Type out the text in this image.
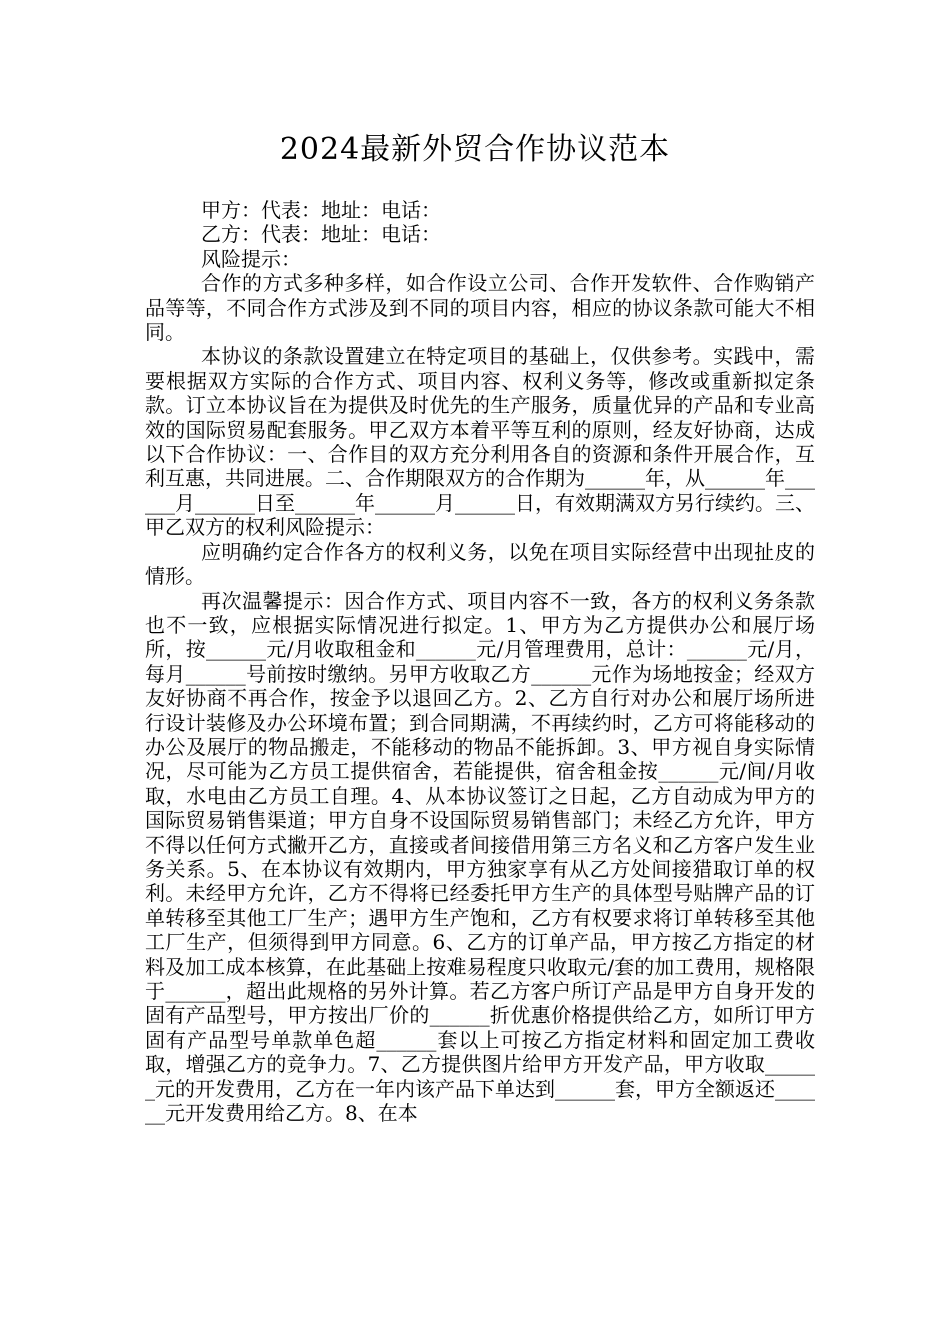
2024最新外贸合作协议范本

甲方：代表：地址：电话：

乙方：代表：地址：电话：

风险提示：

合作的方式多种多样，如合作设立公司、合作开发软件、合作购销产品等等，不同合作方式涉及到不同的项目内容，相应的协议条款可能大不相同。

本协议的条款设置建立在特定项目的基础上，仅供参考。实践中，需要根据双方实际的合作方式、项目内容、权利义务等，修改或重新拟定条款。订立本协议旨在为提供及时优先的生产服务，质量优异的产品和专业高效的国际贸易配套服务。甲乙双方本着平等互利的原则，经友好协商，达成以下合作协议：一、合作目的双方充分利用各自的资源和条件开展合作，互利互惠，共同进展。二、合作期限双方的合作期为______年，从______年______月______日至______年______月______日，有效期满双方另行续约。三、甲乙双方的权利风险提示：

应明确约定合作各方的权利义务，以免在项目实际经营中出现扯皮的情形。

再次温馨提示：因合作方式、项目内容不一致，各方的权利义务条款也不一致，应根据实际情况进行拟定。1、甲方为乙方提供办公和展厅场所，按______元/月收取租金和______元/月管理费用，总计：______元/月，每月______号前按时缴纳。另甲方收取乙方______元作为场地按金；经双方友好协商不再合作，按金予以退回乙方。2、乙方自行对办公和展厅场所进行设计装修及办公环境布置；到合同期满，不再续约时，乙方可将能移动的办公及展厅的物品搬走，不能移动的物品不能拆卸。3、甲方视自身实际情况，尽可能为乙方员工提供宿舍，若能提供，宿舍租金按______元/间/月收取，水电由乙方员工自理。4、从本协议签订之日起，乙方自动成为甲方的国际贸易销售渠道；甲方自身不设国际贸易销售部门；未经乙方允许，甲方不得以任何方式撇开乙方，直接或者间接借用第三方名义和乙方客户发生业务关系。5、在本协议有效期内，甲方独家享有从乙方处间接猎取订单的权利。未经甲方允许，乙方不得将已经委托甲方生产的具体型号贴牌产品的订单转移至其他工厂生产；遇甲方生产饱和，乙方有权要求将订单转移至其他工厂生产，但须得到甲方同意。6、乙方的订单产品，甲方按乙方指定的材料及加工成本核算，在此基础上按难易程度只收取元/套的加工费用，规格限于______，超出此规格的另外计算。若乙方客户所订产品是甲方自身开发的固有产品型号，甲方按出厂价的______折优惠价格提供给乙方，如所订甲方固有产品型号单款单色超______套以上可按乙方指定材料和固定加工费收取，增强乙方的竞争力。7、乙方提供图片给甲方开发产品，甲方收取______元的开发费用，乙方在一年内该产品下单达到______套，甲方全额返还______元开发费用给乙方。8、在本
